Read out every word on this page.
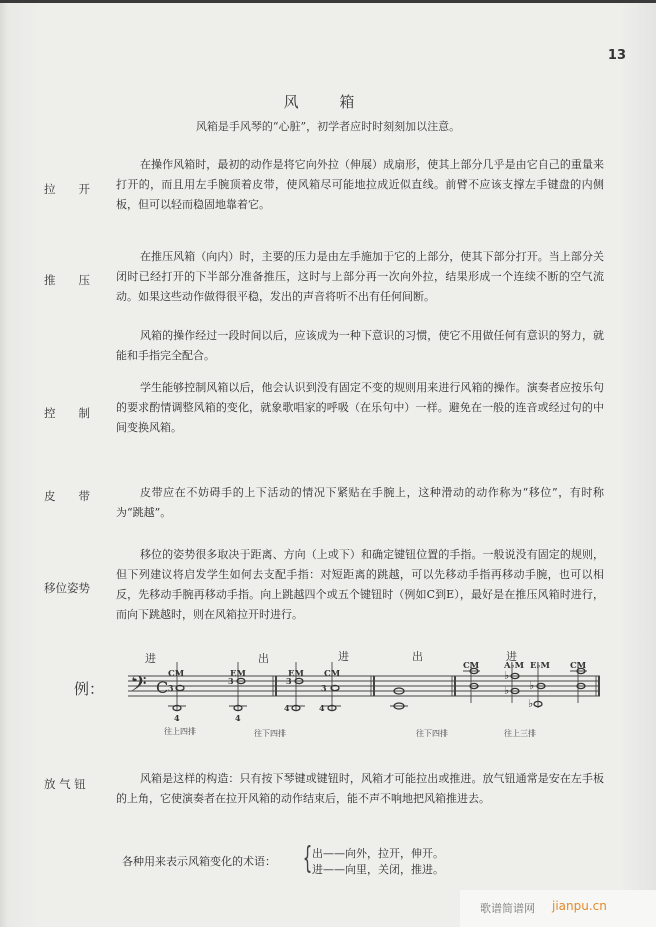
13
风 箱
风箱是手风琴的“心脏”，初学者应时时刻刻加以注意。
拉　　开
在操作风箱时，最初的动作是将它向外拉（伸展）成扇形，使其上部分几乎是由它自己的重量来打开的，而且用左手腕顶着皮带，使风箱尽可能地拉成近似直线。前臂不应该支撑左手键盘的内侧板，但可以轻而稳固地靠着它。
推　　压
在推压风箱（向内）时，主要的压力是由左手施加于它的上部分，使其下部分打开。当上部分关闭时已经打开的下半部分准备推压，这时与上部分再一次向外拉，结果形成一个连续不断的空气流动。如果这些动作做得很平稳，发出的声音将听不出有任何间断。
风箱的操作经过一段时间以后，应该成为一种下意识的习惯，使它不用做任何有意识的努力，就能和手指完全配合。
控　　制
学生能够控制风箱以后，他会认识到没有固定不变的规则用来进行风箱的操作。演奏者应按乐句的要求酌情调整风箱的变化，就象歌唱家的呼吸（在乐句中）一样。避免在一般的连音或经过句的中间变换风箱。
皮　　带	皮带应在不妨碍手的上下活动的情况下紧贴在手腕上，这种滑动的动作称为“移位”，有时称为“跳越”。
移位姿势
移位的姿势很多取决于距离、方向（上或下）和确定键钮位置的手指。一般说没有固定的规则，但下列建议将启发学生如何去支配手指：对短距离的跳越，可以先移动手指再移动手腕，也可以相反，先移动手腕再移动手指。向上跳越四个或五个键钮时（例如C到E），最好是在推压风箱时进行，而向下跳越时，则在风箱拉开时进行。
例： 𝄢 C
♭
♭ ♭
♭
3
4
3
4
3
4
3
4
CM	EM	EM CM
CM	A♭M E♭M CM
进	出	进	出	进
往上四排	往下四排	往下四排	往上三排
放 气 钮	风箱是这样的构造：只有按下琴键或键钮时，风箱才可能拉出或推进。放气钮通常是安在左手板的上角，它使演奏者在拉开风箱的动作结束后，能不声不响地把风箱推进去。
各种用来表示风箱变化的术语： { 出——向外，拉开，伸开。
进——向里，关闭，推进。
歌谱简谱网 jianpu.cn
